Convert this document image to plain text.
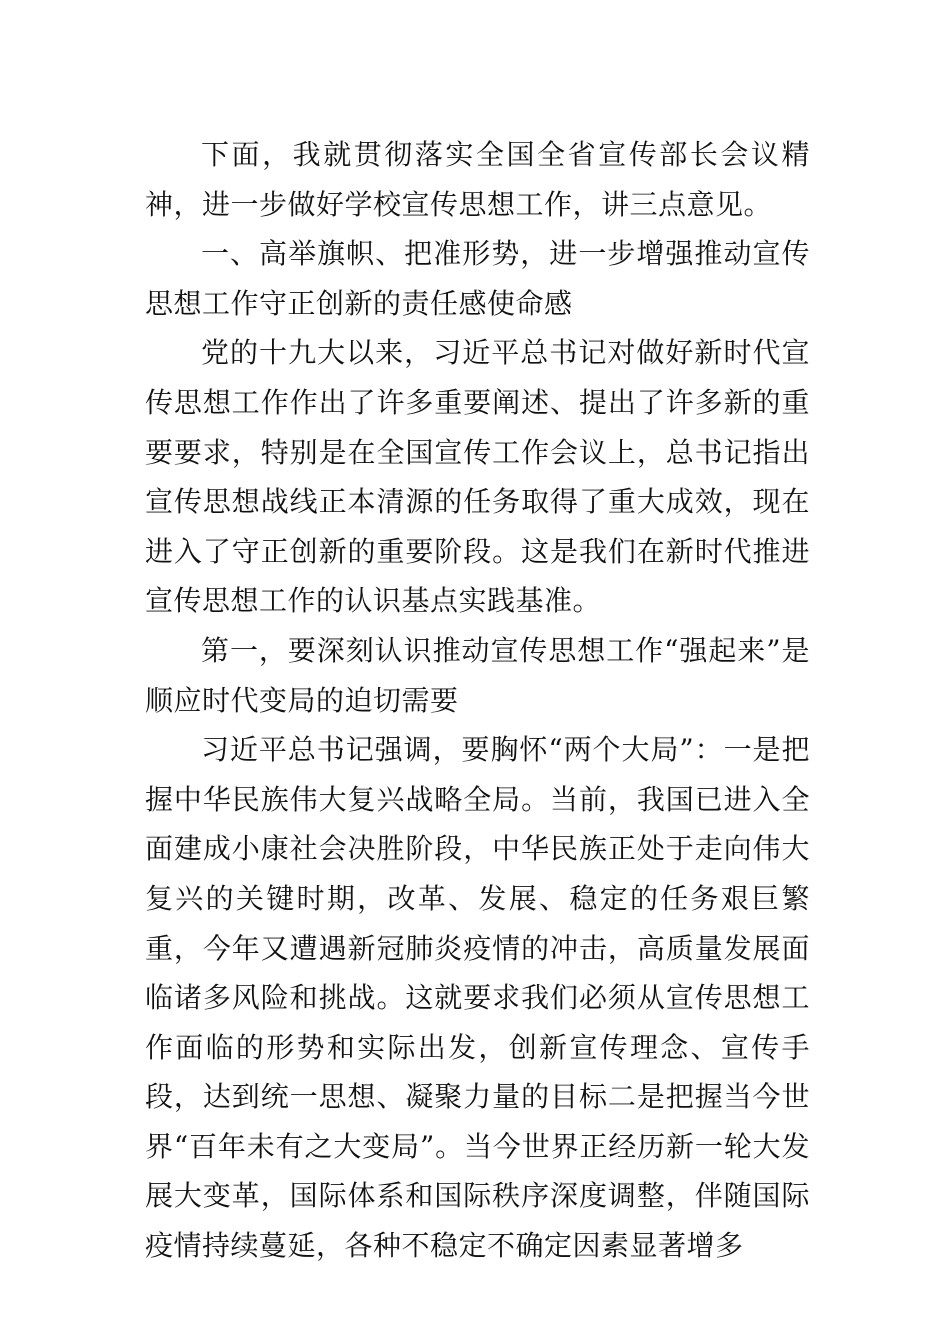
下面，我就贯彻落实全国全省宣传部长会议精神，进一步做好学校宣传思想工作，讲三点意见。

一、高举旗帜、把准形势，进一步增强推动宣传思想工作守正创新的责任感使命感

党的十九大以来，习近平总书记对做好新时代宣传思想工作作出了许多重要阐述、提出了许多新的重要要求，特别是在全国宣传工作会议上，总书记指出宣传思想战线正本清源的任务取得了重大成效，现在进入了守正创新的重要阶段。这是我们在新时代推进宣传思想工作的认识基点实践基准。

第一，要深刻认识推动宣传思想工作“强起来”是顺应时代变局的迫切需要

习近平总书记强调，要胸怀“两个大局”：一是把握中华民族伟大复兴战略全局。当前，我国已进入全面建成小康社会决胜阶段，中华民族正处于走向伟大复兴的关键时期，改革、发展、稳定的任务艰巨繁重，今年又遭遇新冠肺炎疫情的冲击，高质量发展面临诸多风险和挑战。这就要求我们必须从宣传思想工作面临的形势和实际出发，创新宣传理念、宣传手段，达到统一思想、凝聚力量的目标二是把握当今世界“百年未有之大变局”。当今世界正经历新一轮大发展大变革，国际体系和国际秩序深度调整，伴随国际疫情持续蔓延，各种不稳定不确定因素显著增多
